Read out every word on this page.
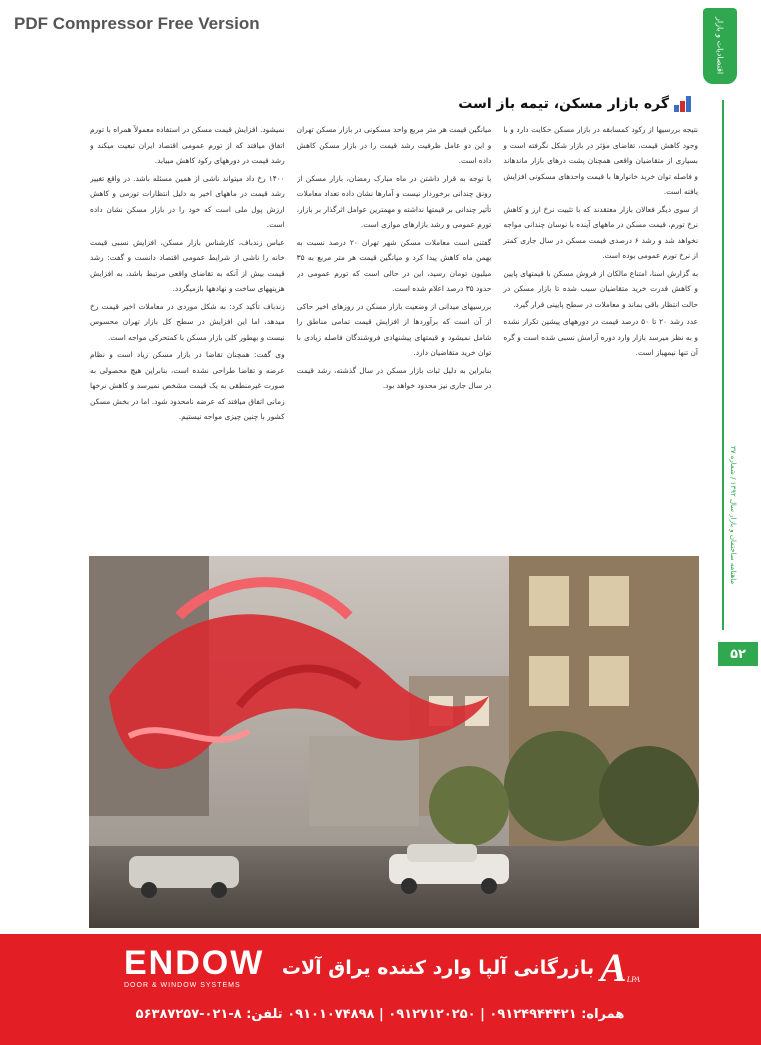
PDF Compressor Free Version	اقتصادیات و بازار
ماهنامه ساختمان و بازار سال ۱۳۹۲ / شماره ۳۷
۵۲
گره بازار مسکن، تیمه باز است

نتیجه بررسیها از رکود کمسابقه در بازار مسکن حکایت دارد و با وجود کاهش قیمت، تقاضای مؤثر در بازار شکل نگرفته است و بسیاری از متقاضیان واقعی همچنان پشت درهای بازار ماندهاند و فاصله توان خرید خانوارها با قیمت واحدهای مسکونی افزایش یافته است.

از سوی دیگر فعالان بازار معتقدند که با تثبیت نرخ ارز و کاهش نرخ تورم، قیمت مسکن در ماههای آینده با نوسان چندانی مواجه نخواهد شد و رشد ۶ درصدی قیمت مسکن در سال جاری کمتر از نرخ تورم عمومی بوده است.

به گزارش اسنا، امتناع مالکان از فروش مسکن با قیمتهای پایین و کاهش قدرت خرید متقاضیان سبب شده تا بازار مسکن در حالت انتظار باقی بماند و معاملات در سطح پایینی قرار گیرد.

عدد رشد ۲۰ تا ۵۰ درصد قیمت در دورههای پیشین تکرار نشده و به نظر میرسد بازار وارد دوره آرامش نسبی شده است و گره آن تنها نیمهباز است.

میانگین قیمت هر متر مربع واحد مسکونی در بازار مسکن تهران و این دو عامل ظرفیت رشد قیمت را در بازار مسکن کاهش داده است.

با توجه به قرار داشتن در ماه مبارک رمضان، بازار مسکن از رونق چندانی برخوردار نیست و آمارها نشان داده تعداد معاملات تأثیر چندانی بر قیمتها نداشته و مهمترین عوامل اثرگذار بر بازار، تورم عمومی و رشد بازارهای موازی است.

گفتنی است معاملات مسکن شهر تهران ۲۰ درصد نسبت به بهمن ماه کاهش پیدا کرد و میانگین قیمت هر متر مربع به ۳۵ میلیون تومان رسید، این در حالی است که تورم عمومی در حدود ۳۵ درصد اعلام شده است.

بررسیهای میدانی از وضعیت بازار مسکن در روزهای اخیر حاکی از آن است که برآوردها از افزایش قیمت تمامی مناطق را شامل نمیشود و قیمتهای پیشنهادی فروشندگان فاصله زیادی با توان خرید متقاضیان دارد.

بنابراین به دلیل ثبات بازار مسکن در سال گذشته، رشد قیمت در سال جاری نیز محدود خواهد بود.

نمیشود. افزایش قیمت مسکن در استفاده معمولاً همراه با تورم اتفاق میافتد که از تورم عمومی اقتصاد ایران تبعیت میکند و رشد قیمت در دورههای رکود کاهش مییابد.

۱۴۰۰ رخ داد میتواند ناشی از همین مسئله باشد. در واقع تغییر رشد قیمت در ماههای اخیر به دلیل انتظارات تورمی و کاهش ارزش پول ملی است که خود را در بازار مسکن نشان داده است.

عباس زندباف، کارشناس بازار مسکن، افزایش نسبی قیمت خانه را ناشی از شرایط عمومی اقتصاد دانست و گفت: رشد قیمت بیش از آنکه به تقاضای واقعی مرتبط باشد، به افزایش هزینههای ساخت و نهادهها بازمیگردد.

زندباف تأکید کرد: به شکل موردی در معاملات اخیر قیمت رخ میدهد، اما این افزایش در سطح کل بازار تهران محسوس نیست و بهطور کلی بازار مسکن با کمتحرکی مواجه است.

وی گفت: همچنان تقاضا در بازار مسکن زیاد است و نظام عرضه و تقاضا طراحی نشده است، بنابراین هیچ محصولی به صورت غیرمنطقی به یک قیمت مشخص نمیرسد و کاهش نرخها زمانی اتفاق میافتد که عرضه نامحدود شود. اما در بخش مسکن کشور با چنین چیزی مواجه نیستیم.

ENDOW
DOOR & WINDOW SYSTEMS
بازرگانی آلپا وارد کننده یراق آلات A LPA
همراه: ۰۹۱۲۴۹۴۴۴۲۱ | ۰۹۱۲۷۱۲۰۲۵۰ | ۰۹۱۰۱۰۷۴۸۹۸ تلفن: ۸-۰۲۱-۵۶۳۸۷۲۵۷
